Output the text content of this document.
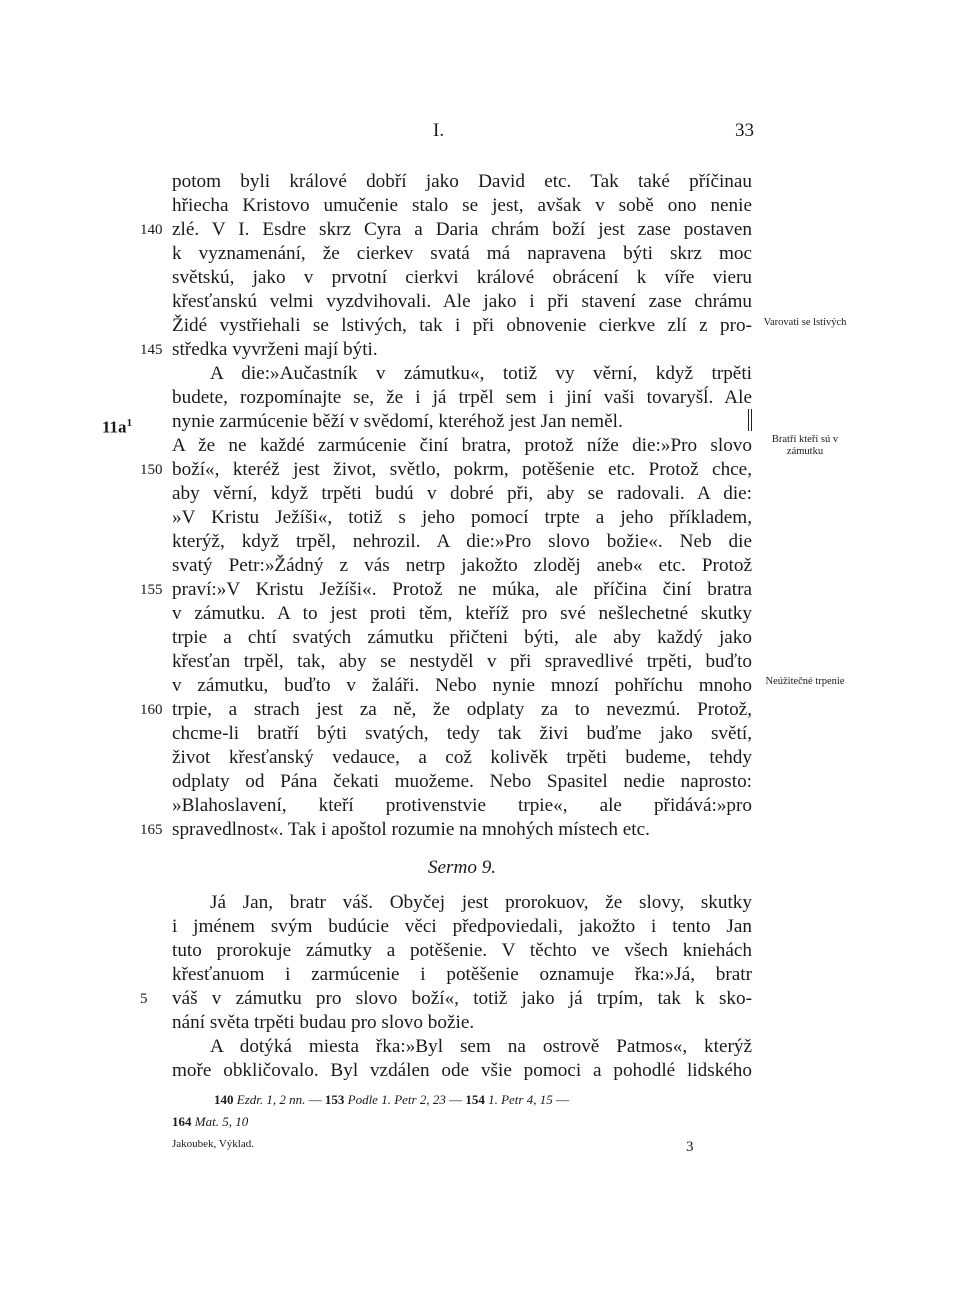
I.	33
potom byli králové dobří jako David etc. Tak také příčinau
hřiecha Kristovo umučenie stalo se jest, avšak v sobě ono nenie
zlé. V I. Esdre skrz Cyra a Daria chrám boží jest zase postaven
140
k vyznamenání, že cierkev svatá má napravena býti skrz moc
světskú, jako v prvotní cierkvi králové obrácení k víře vieru
křesťanskú velmi vyzdvihovali. Ale jako i při stavení zase chrámu
Židé vystřiehali se lstivých, tak i při obnovenie cierkve zlí z pro-
středka vyvrženi mají býti.
145
A die:»Aučastník v zámutku«, totiž vy věrní, když trpěti
budete, rozpomínajte se, že i já trpěl sem i jiní vaši tovaryšĺ. Ale
nynie zarmúcenie běží v svědomí, kteréhož jest Jan neměl.
A že ne každé zarmúcenie činí bratra, protož níže die:»Pro slovo
boží«, kteréž jest život, světlo, pokrm, potěšenie etc. Protož chce,
150
aby věrní, když trpěti budú v dobré při, aby se radovali. A die:
»V Kristu Ježíši«, totiž s jeho pomocí trpte a jeho příkladem,
kterýž, když trpěl, nehrozil. A die:»Pro slovo božie«. Neb die
svatý Petr:»Žádný z vás netrp jakožto zloděj aneb« etc. Protož
praví:»V Kristu Ježíši«. Protož ne múka, ale příčina činí bratra
155
v zámutku. A to jest proti těm, kteříž pro své nešlechetné skutky
trpie a chtí svatých zámutku přičteni býti, ale aby každý jako
křesťan trpěl, tak, aby se nestyděl v při spravedlivé trpěti, buďto
v zámutku, buďto v žaláři. Nebo nynie mnozí pohříchu mnoho
trpie, a strach jest za ně, že odplaty za to nevezmú. Protož,
160
chcme-li bratří býti svatých, tedy tak živi buďme jako světí,
život křesťanský vedauce, a což kolivěk trpěti budeme, tehdy
odplaty od Pána čekati muožeme. Nebo Spasitel nedie naprosto:
»Blahoslavení, kteří protivenstvie trpie«, ale přidává:»pro
spravedlnost«. Tak i apoštol rozumie na mnohých místech etc.
165
Sermo 9.
Já Jan, bratr váš. Obyčej jest prorokuov, že slovy, skutky
i jménem svým budúcie věci předpoviedali, jakožto i tento Jan
tuto prorokuje zámutky a potěšenie. V těchto ve všech kniehách
křesťanuom i zarmúcenie i potěšenie oznamuje řka:»Já, bratr
váš v zámutku pro slovo boží«, totiž jako já trpím, tak k sko-
5
nání světa trpěti budau pro slovo božie.
A dotýká miesta řka:»Byl sem na ostrově Patmos«, kterýž
moře obkličovalo. Byl vzdálen ode všie pomoci a pohodlé lidského
$11a^1$
Varovati se lstivých
Bratří kteří sú v zámutku
Neúžitečné trpenie
140 Ezdr. 1, 2 nn. — 153 Podle 1. Petr 2, 23 — 154 1. Petr 4, 15 —
164 Mat. 5, 10
Jakoubek, Výklad.	3
